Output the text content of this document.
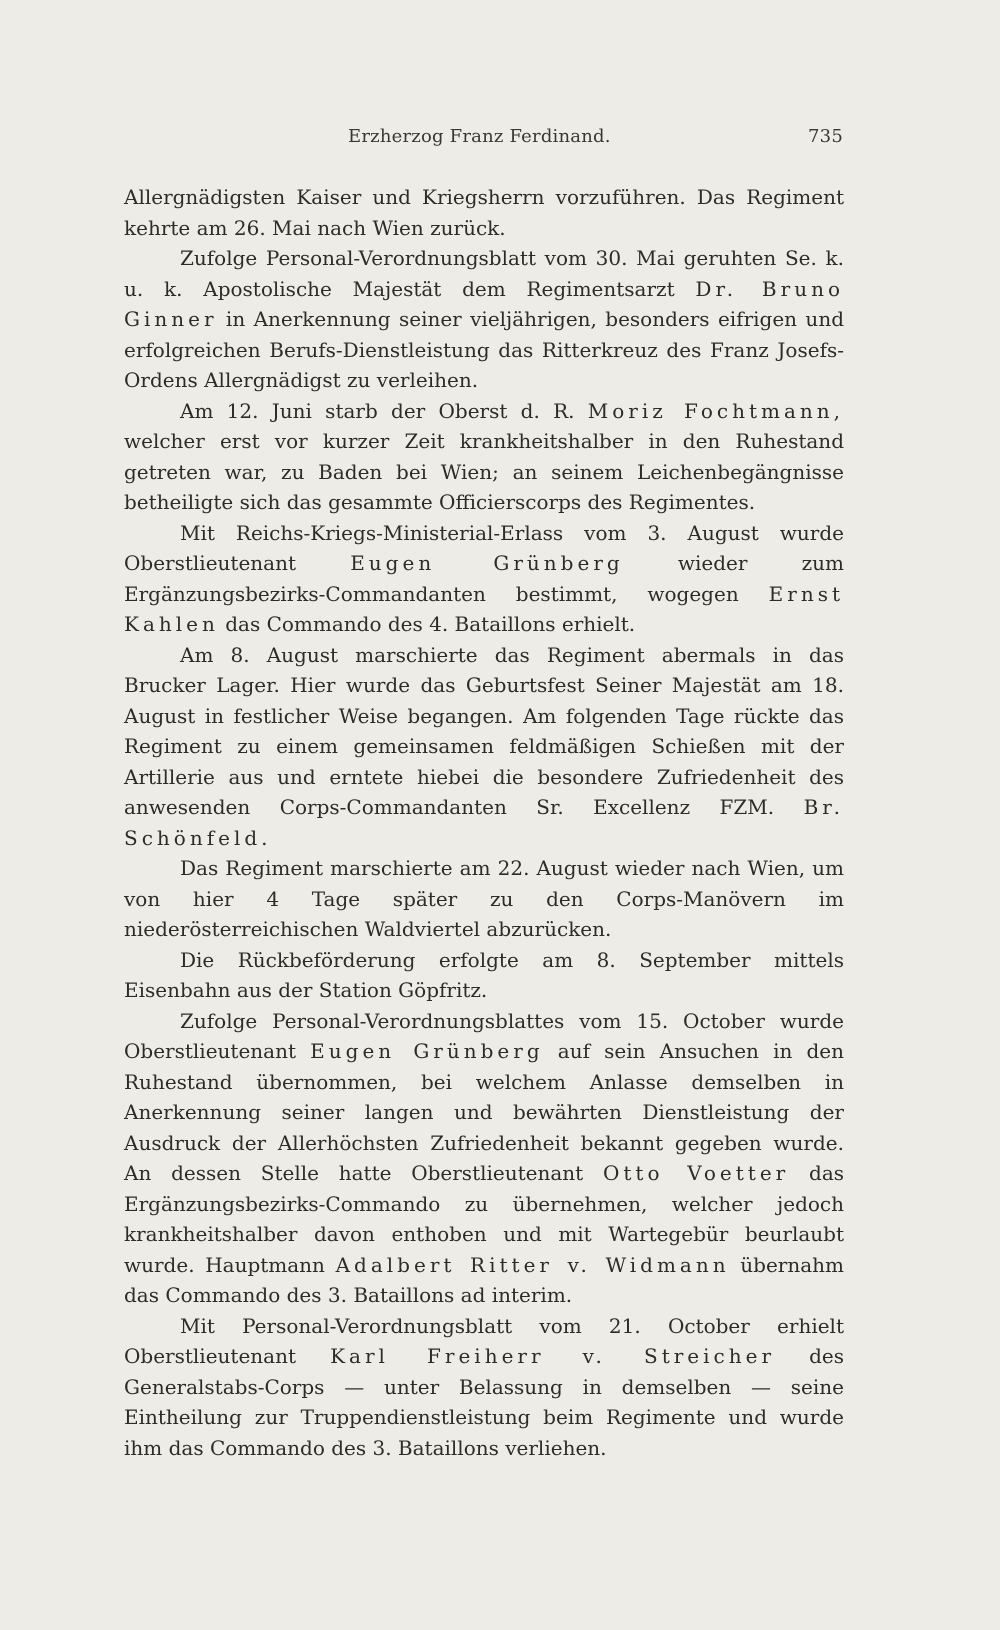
Erzherzog Franz Ferdinand.	735

Allergnädigsten Kaiser und Kriegsherrn vorzuführen. Das Regiment kehrte am 26. Mai nach Wien zurück.

Zufolge Personal-Verordnungsblatt vom 30. Mai geruhten Se. k. u. k. Apostolische Majestät dem Regimentsarzt Dr. Bruno Ginner in Anerkennung seiner vieljährigen, besonders eifrigen und erfolgreichen Berufs-Dienstleistung das Ritterkreuz des Franz Josefs-Ordens Allergnädigst zu verleihen.

Am 12. Juni starb der Oberst d. R. Moriz Fochtmann, welcher erst vor kurzer Zeit krankheitshalber in den Ruhestand getreten war, zu Baden bei Wien; an seinem Leichenbegängnisse betheiligte sich das gesammte Officierscorps des Regimentes.

Mit Reichs-Kriegs-Ministerial-Erlass vom 3. August wurde Oberstlieutenant	Eugen Grünberg	wieder zum Ergänzungsbezirks-Commandanten bestimmt, wogegen Ernst Kahlen das Commando des 4. Bataillons erhielt.

Am 8. August marschierte das Regiment abermals in das Brucker Lager. Hier wurde das Geburtsfest Seiner Majestät am 18. August in festlicher Weise begangen. Am folgenden Tage rückte das Regiment zu einem gemeinsamen feldmäßigen Schießen mit der Artillerie aus und erntete hiebei die besondere Zufriedenheit des anwesenden Corps-Commandanten Sr. Excellenz FZM. Br. Schönfeld.

Das Regiment marschierte am 22. August wieder nach Wien, um von hier 4 Tage später zu den Corps-Manövern im niederösterreichischen Waldviertel abzurücken.

Die Rückbeförderung erfolgte am 8. September mittels Eisenbahn aus der Station Göpfritz.

Zufolge Personal-Verordnungsblattes vom 15. October wurde Oberstlieutenant Eugen Grünberg auf sein Ansuchen in den Ruhestand übernommen, bei welchem Anlasse demselben in Anerkennung seiner langen und bewährten Dienstleistung der Ausdruck der Allerhöchsten Zufriedenheit bekannt gegeben wurde. An dessen Stelle hatte Oberstlieutenant Otto Voetter das Ergänzungsbezirks-Commando zu übernehmen, welcher jedoch krankheitshalber davon enthoben und mit Wartegebür beurlaubt wurde. Hauptmann Adalbert Ritter v. Widmann übernahm das Commando des 3. Bataillons ad interim.

Mit Personal-Verordnungsblatt vom 21. October erhielt Oberstlieutenant Karl Freiherr v. Streicher des Generalstabs-Corps — unter Belassung in demselben — seine Eintheilung zur Truppendienstleistung beim Regimente und wurde ihm das Commando des 3. Bataillons verliehen.
